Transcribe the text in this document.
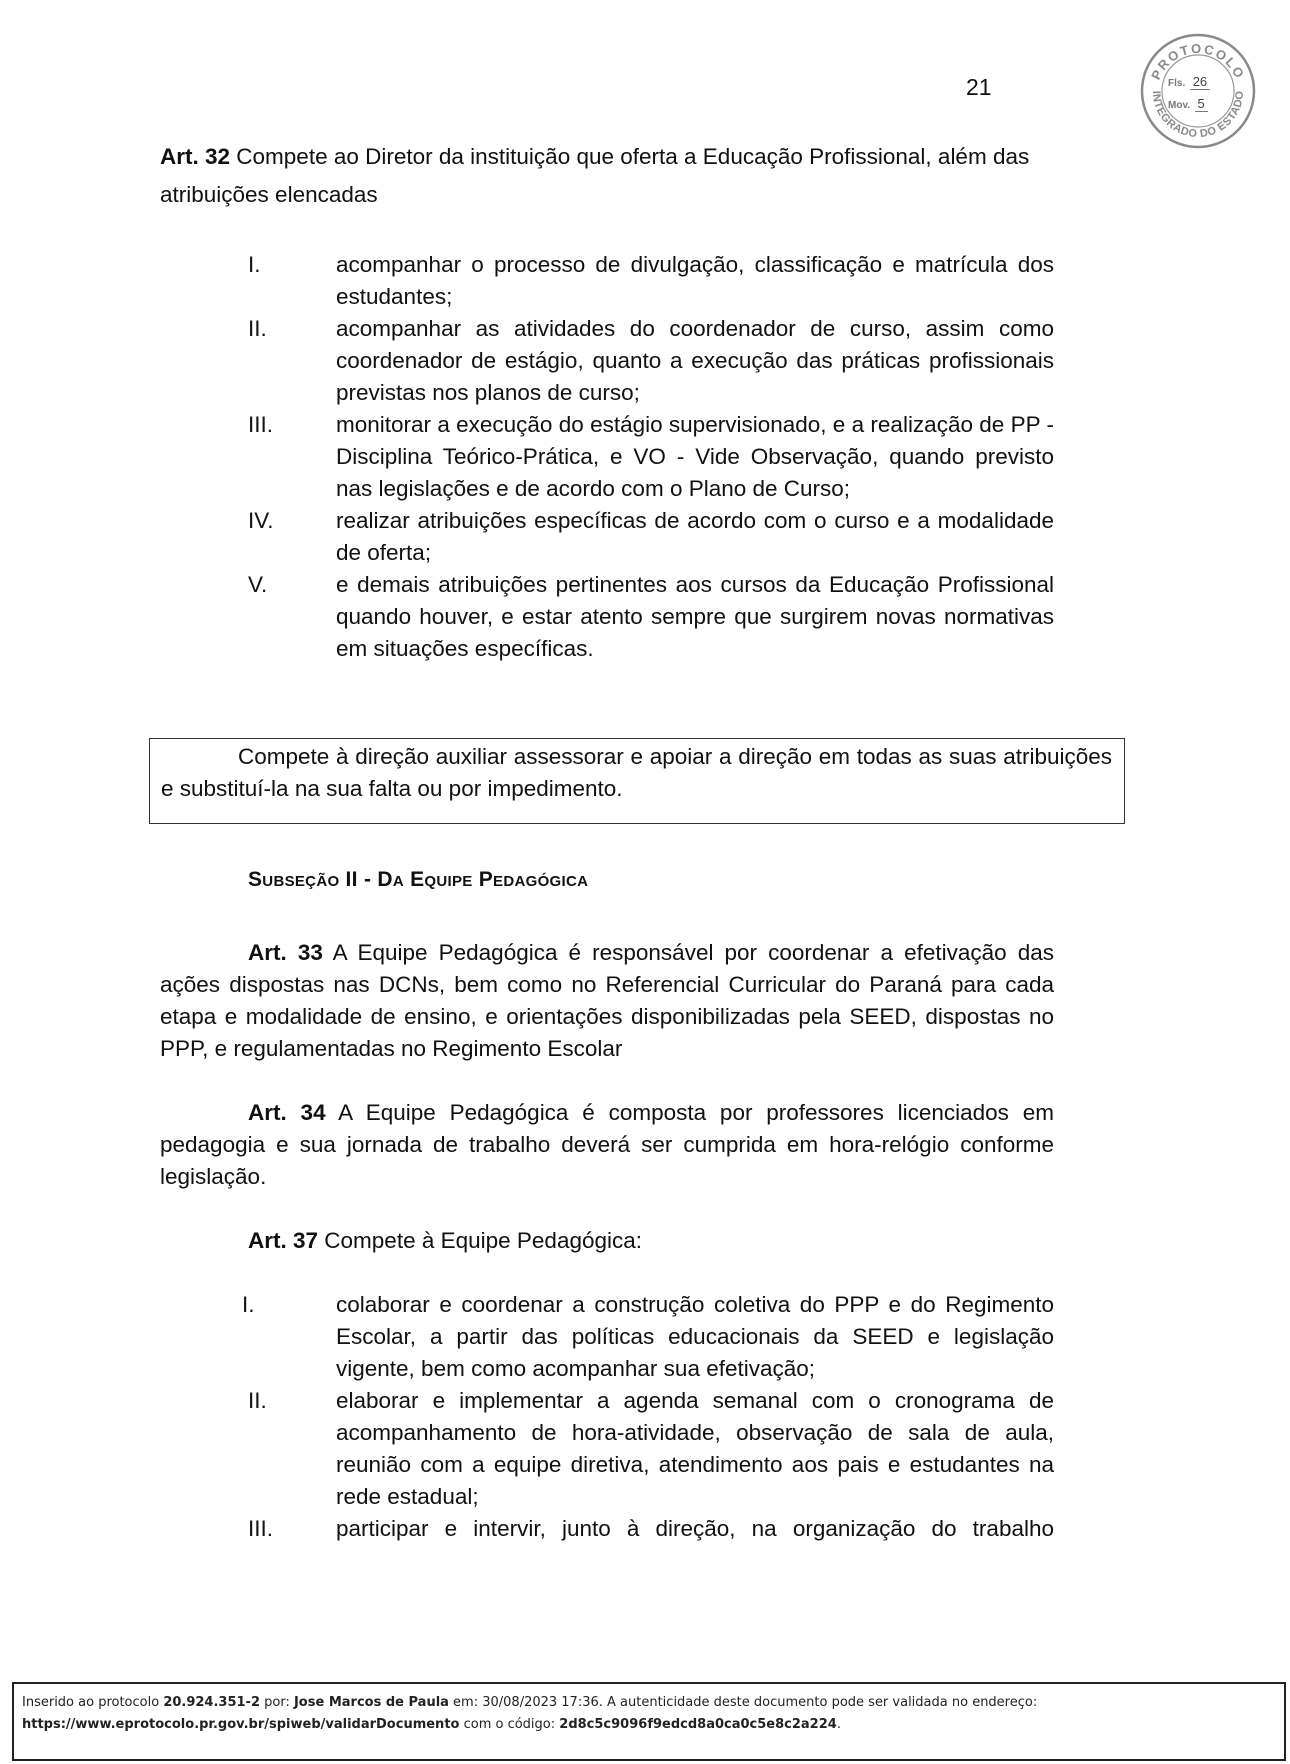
21
PROTOCOLO
INTEGRADO DO ESTADO
Fls. 26
Mov. 5
Art. 32 Compete ao Diretor da instituição que oferta a Educação Profissional, além das atribuições elencadas
I.	acompanhar o processo de divulgação, classificação e matrícula dos estudantes;
II.	acompanhar as atividades do coordenador de curso, assim como coordenador de estágio, quanto a execução das práticas profissionais previstas nos planos de curso;
III.	monitorar a execução do estágio supervisionado, e a realização de PP - Disciplina Teórico-Prática, e VO - Vide Observação, quando previsto nas legislações e de acordo com o Plano de Curso;
IV.	realizar atribuições específicas de acordo com o curso e a modalidade de oferta;
V.	e demais atribuições pertinentes aos cursos da Educação Profissional quando houver, e estar atento sempre que surgirem novas normativas em situações específicas.
Compete à direção auxiliar assessorar e apoiar a direção em todas as suas atribuições e substituí-la na sua falta ou por impedimento.
Subseção II - Da Equipe Pedagógica
Art. 33 A Equipe Pedagógica é responsável por coordenar a efetivação das ações dispostas nas DCNs, bem como no Referencial Curricular do Paraná para cada etapa e modalidade de ensino, e orientações disponibilizadas pela SEED, dispostas no PPP, e regulamentadas no Regimento Escolar
Art. 34 A Equipe Pedagógica é composta por professores licenciados em pedagogia e sua jornada de trabalho deverá ser cumprida em hora-relógio conforme legislação.
Art. 37 Compete à Equipe Pedagógica:
I.	colaborar e coordenar a construção coletiva do PPP e do Regimento Escolar, a partir das políticas educacionais da SEED e legislação vigente, bem como acompanhar sua efetivação;
II.	elaborar e implementar a agenda semanal com o cronograma de acompanhamento de hora-atividade, observação de sala de aula, reunião com a equipe diretiva, atendimento aos pais e estudantes na rede estadual;
III.	participar e intervir, junto à direção, na organização do trabalho
Inserido ao protocolo 20.924.351-2 por: Jose Marcos de Paula em: 30/08/2023 17:36. A autenticidade deste documento pode ser validada no endereço:
https://www.eprotocolo.pr.gov.br/spiweb/validarDocumento com o código: 2d8c5c9096f9edcd8a0ca0c5e8c2a224.
